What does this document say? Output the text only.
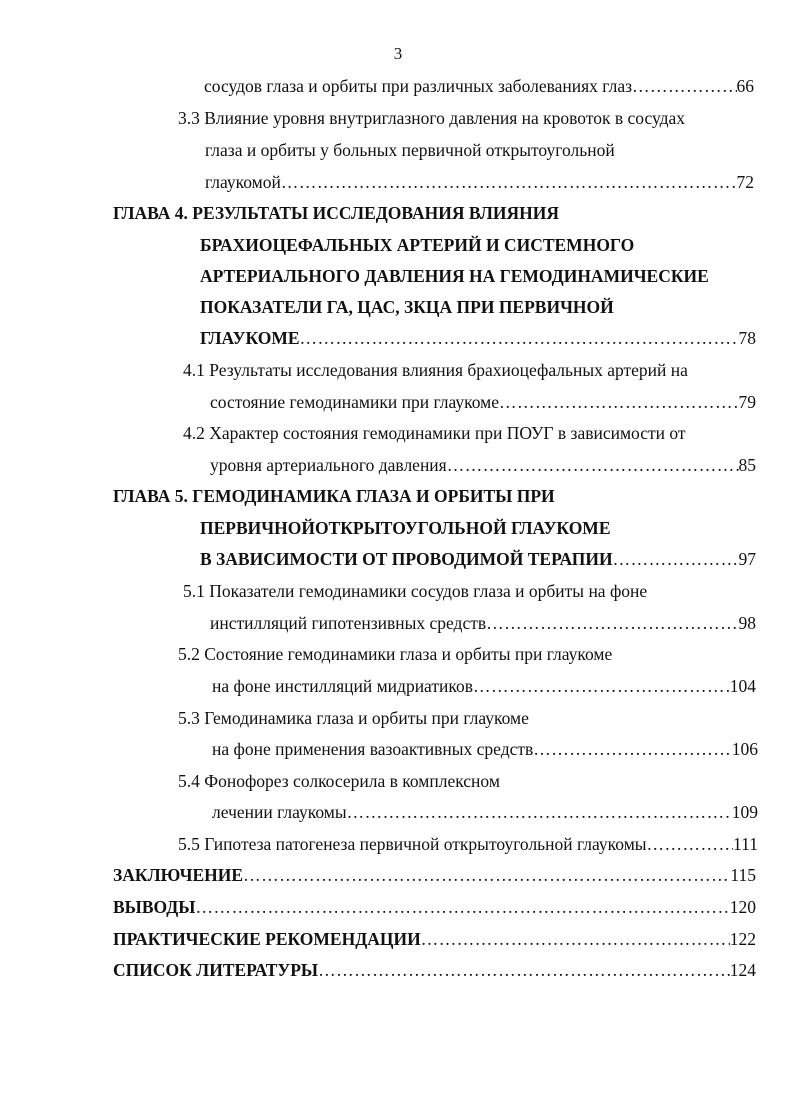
3
сосудов глаза и орбиты при различных заболеваниях глаз ……………………………………………………………………………………………………………………………………………………………………………………………………………………	66
3.3 Влияние уровня внутриглазного давления на кровоток в сосудах
глаза и орбиты у больных первичной открытоугольной
глаукомой ……………………………………………………………………………………………………………………………………………………………………………………………………………………	72
ГЛАВА 4. РЕЗУЛЬТАТЫ ИССЛЕДОВАНИЯ ВЛИЯНИЯ
БРАХИОЦЕФАЛЬНЫХ АРТЕРИЙ И СИСТЕМНОГО
АРТЕРИАЛЬНОГО ДАВЛЕНИЯ НА ГЕМОДИНАМИЧЕСКИЕ
ПОКАЗАТЕЛИ ГА, ЦАС, ЗКЦА ПРИ ПЕРВИЧНОЙ
ГЛАУКОМЕ ……………………………………………………………………………………………………………………………………………………………………………………………………………………	78
4.1 Результаты исследования влияния брахиоцефальных артерий на
состояние гемодинамики при глаукоме ……………………………………………………………………………………………………………………………………………………………………………………………………………………	79
4.2 Характер состояния гемодинамики при ПОУГ в зависимости от
уровня артериального давления ……………………………………………………………………………………………………………………………………………………………………………………………………………………	85
ГЛАВА 5. ГЕМОДИНАМИКА ГЛАЗА И ОРБИТЫ ПРИ
ПЕРВИЧНОЙОТКРЫТОУГОЛЬНОЙ ГЛАУКОМЕ
В ЗАВИСИМОСТИ ОТ ПРОВОДИМОЙ ТЕРАПИИ ……………………………………………………………………………………………………………………………………………………………………………………………………………………	97
5.1 Показатели гемодинамики сосудов глаза и орбиты на фоне
инстилляций гипотензивных средств ……………………………………………………………………………………………………………………………………………………………………………………………………………………	98
5.2 Состояние гемодинамики глаза и орбиты при глаукоме
на фоне инстилляций мидриатиков ……………………………………………………………………………………………………………………………………………………………………………………………………………………	104
5.3 Гемодинамика глаза и орбиты при глаукоме
на фоне применения вазоактивных средств ……………………………………………………………………………………………………………………………………………………………………………………………………………………	106
5.4 Фонофорез солкосерила в комплексном
лечении глаукомы ……………………………………………………………………………………………………………………………………………………………………………………………………………………	109
5.5 Гипотеза патогенеза первичной открытоугольной глаукомы ……………………………………………………………………………………………………………………………………………………………………………………………………………………	111
ЗАКЛЮЧЕНИЕ ……………………………………………………………………………………………………………………………………………………………………………………………………………………	115
ВЫВОДЫ ……………………………………………………………………………………………………………………………………………………………………………………………………………………	120
ПРАКТИЧЕСКИЕ РЕКОМЕНДАЦИИ ……………………………………………………………………………………………………………………………………………………………………………………………………………………	122
СПИСОК ЛИТЕРАТУРЫ ……………………………………………………………………………………………………………………………………………………………………………………………………………………	124
